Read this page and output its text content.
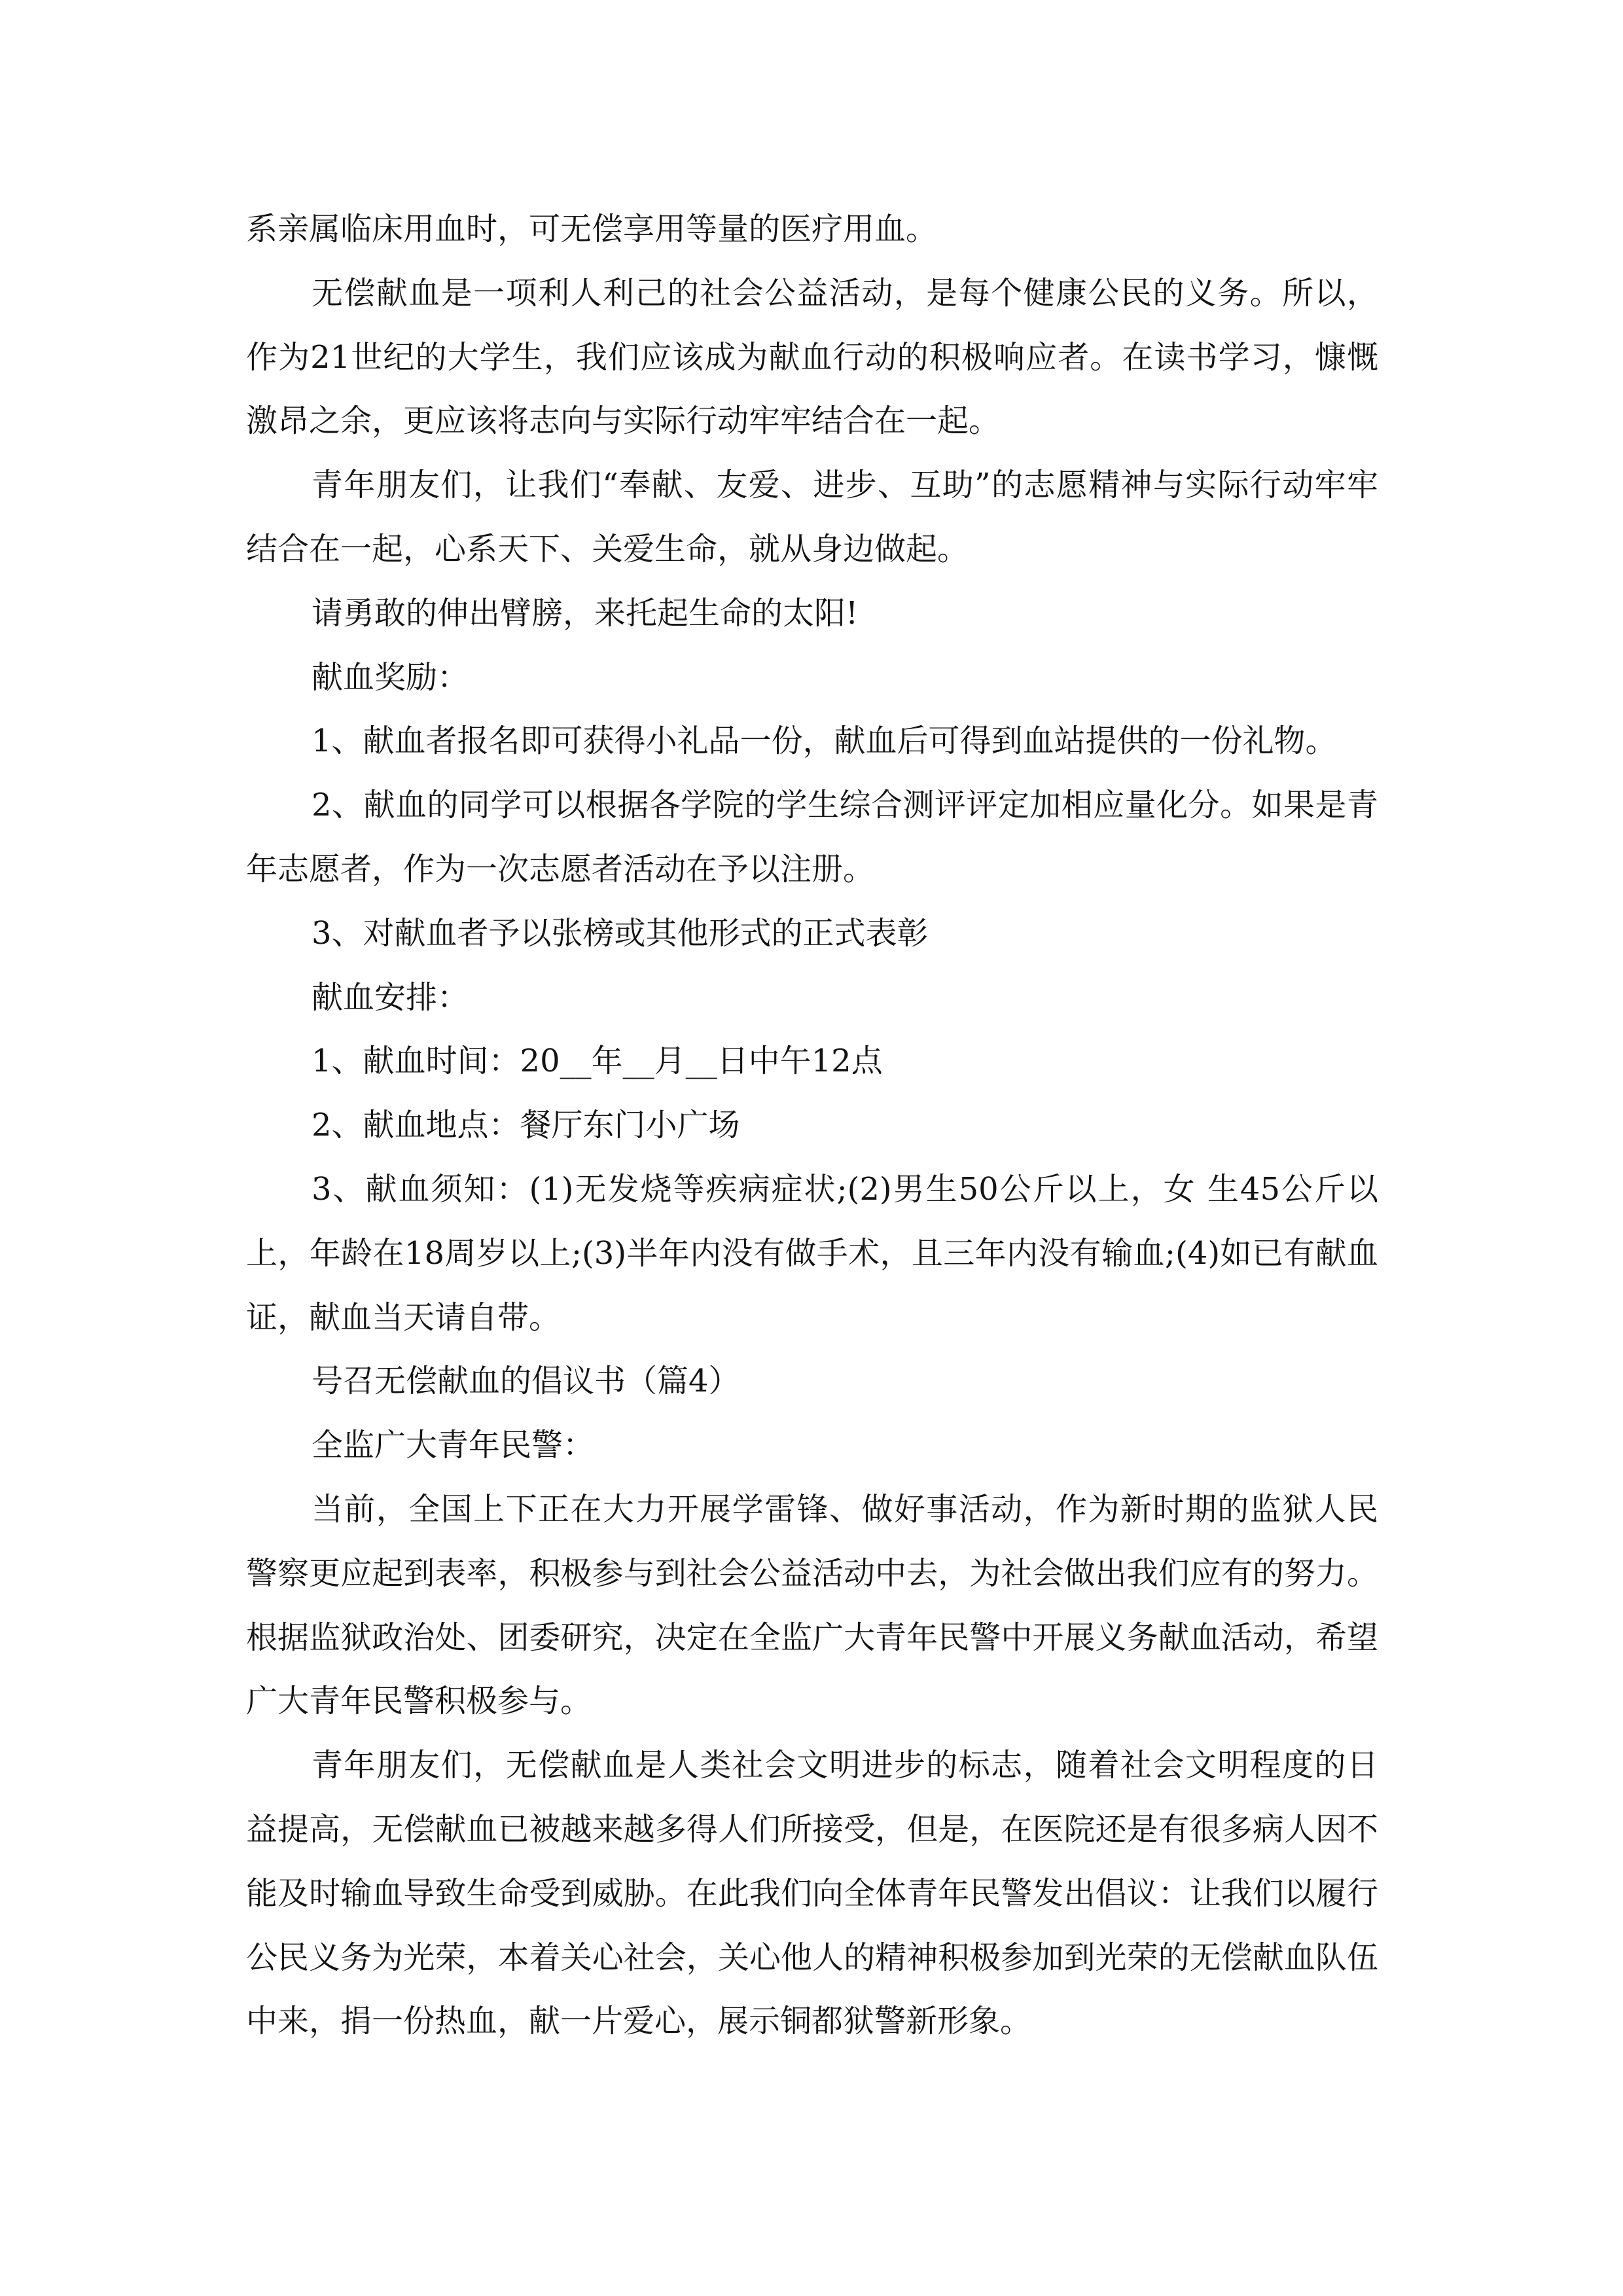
系亲属临床用血时，可无偿享用等量的医疗用血。

无偿献血是一项利人利己的社会公益活动，是每个健康公民的义务。所以，作为21世纪的大学生，我们应该成为献血行动的积极响应者。在读书学习，慷慨激昂之余，更应该将志向与实际行动牢牢结合在一起。

青年朋友们，让我们“奉献、友爱、进步、互助”的志愿精神与实际行动牢牢结合在一起，心系天下、关爱生命，就从身边做起。

请勇敢的伸出臂膀，来托起生命的太阳!

献血奖励：

1、献血者报名即可获得小礼品一份，献血后可得到血站提供的一份礼物。

2、献血的同学可以根据各学院的学生综合测评评定加相应量化分。如果是青年志愿者，作为一次志愿者活动在予以注册。

3、对献血者予以张榜或其他形式的正式表彰

献血安排：

1、献血时间：20__年__月__日中午12点

2、献血地点：餐厅东门小广场

3、献血须知：(1)无发烧等疾病症状;(2)男生50公斤以上，女 生45公斤以上，年龄在18周岁以上;(3)半年内没有做手术，且三年内没有输血;(4)如已有献血证，献血当天请自带。

号召无偿献血的倡议书（篇4）

全监广大青年民警：

当前，全国上下正在大力开展学雷锋、做好事活动，作为新时期的监狱人民警察更应起到表率，积极参与到社会公益活动中去，为社会做出我们应有的努力。根据监狱政治处、团委研究，决定在全监广大青年民警中开展义务献血活动，希望广大青年民警积极参与。

青年朋友们，无偿献血是人类社会文明进步的标志，随着社会文明程度的日益提高，无偿献血已被越来越多得人们所接受，但是，在医院还是有很多病人因不能及时输血导致生命受到威胁。在此我们向全体青年民警发出倡议：让我们以履行公民义务为光荣，本着关心社会，关心他人的精神积极参加到光荣的无偿献血队伍中来，捐一份热血，献一片爱心，展示铜都狱警新形象。
